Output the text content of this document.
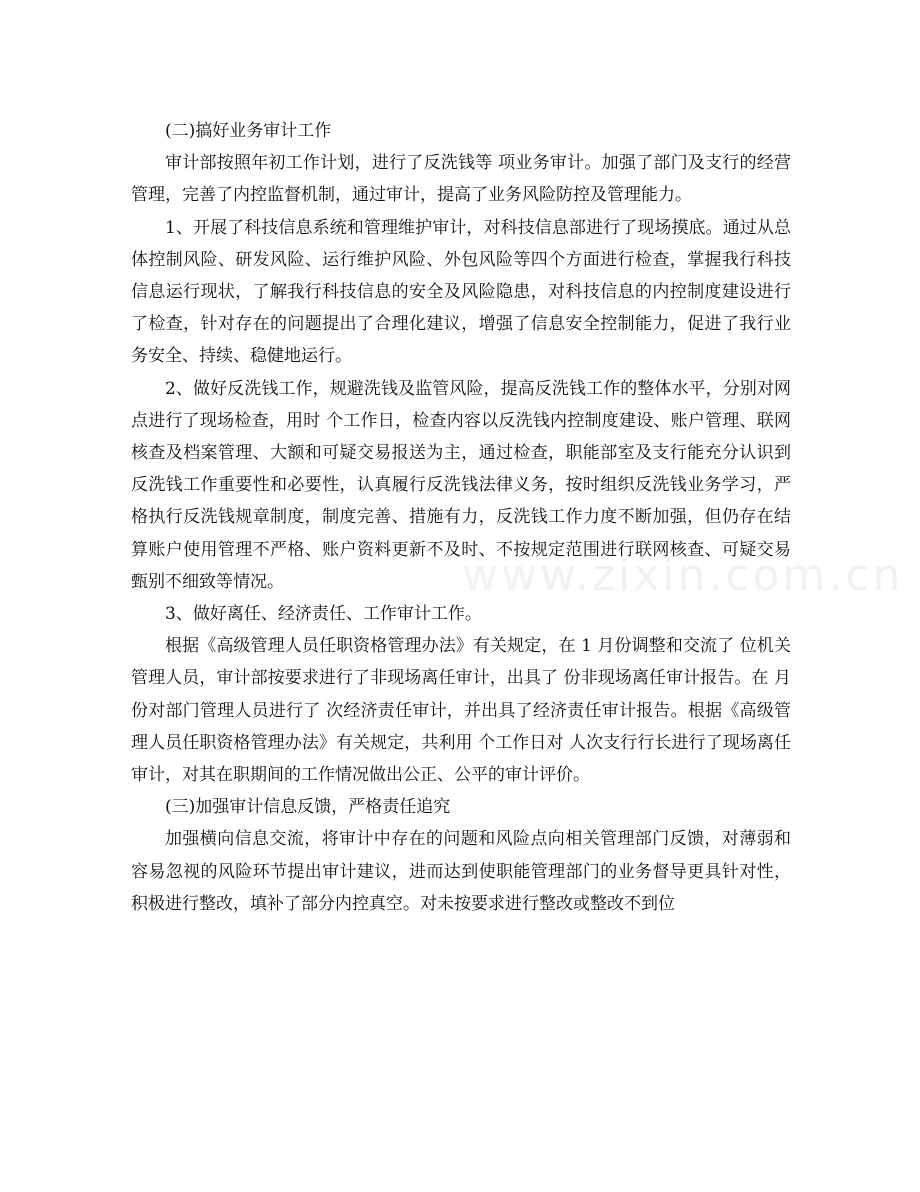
www.zixin.com.cn

(二)搞好业务审计工作

审计部按照年初工作计划，进行了反洗钱等 项业务审计。加强了部门及支行的经营管理，完善了内控监督机制，通过审计，提高了业务风险防控及管理能力。

1、开展了科技信息系统和管理维护审计，对科技信息部进行了现场摸底。通过从总体控制风险、研发风险、运行维护风险、外包风险等四个方面进行检查，掌握我行科技信息运行现状，了解我行科技信息的安全及风险隐患，对科技信息的内控制度建设进行了检查，针对存在的问题提出了合理化建议，增强了信息安全控制能力，促进了我行业务安全、持续、稳健地运行。

2、做好反洗钱工作，规避洗钱及监管风险，提高反洗钱工作的整体水平，分别对网点进行了现场检查，用时 个工作日，检查内容以反洗钱内控制度建设、账户管理、联网核查及档案管理、大额和可疑交易报送为主，通过检查，职能部室及支行能充分认识到反洗钱工作重要性和必要性，认真履行反洗钱法律义务，按时组织反洗钱业务学习，严格执行反洗钱规章制度，制度完善、措施有力，反洗钱工作力度不断加强，但仍存在结算账户使用管理不严格、账户资料更新不及时、不按规定范围进行联网核查、可疑交易甄别不细致等情况。

3、做好离任、经济责任、工作审计工作。

根据《高级管理人员任职资格管理办法》有关规定，在 1 月份调整和交流了 位机关管理人员，审计部按要求进行了非现场离任审计，出具了 份非现场离任审计报告。在 月份对部门管理人员进行了 次经济责任审计，并出具了经济责任审计报告。根据《高级管理人员任职资格管理办法》有关规定，共利用 个工作日对 人次支行行长进行了现场离任审计，对其在职期间的工作情况做出公正、公平的审计评价。

(三)加强审计信息反馈，严格责任追究

加强横向信息交流，将审计中存在的问题和风险点向相关管理部门反馈，对薄弱和容易忽视的风险环节提出审计建议，进而达到使职能管理部门的业务督导更具针对性，积极进行整改，填补了部分内控真空。对未按要求进行整改或整改不到位
